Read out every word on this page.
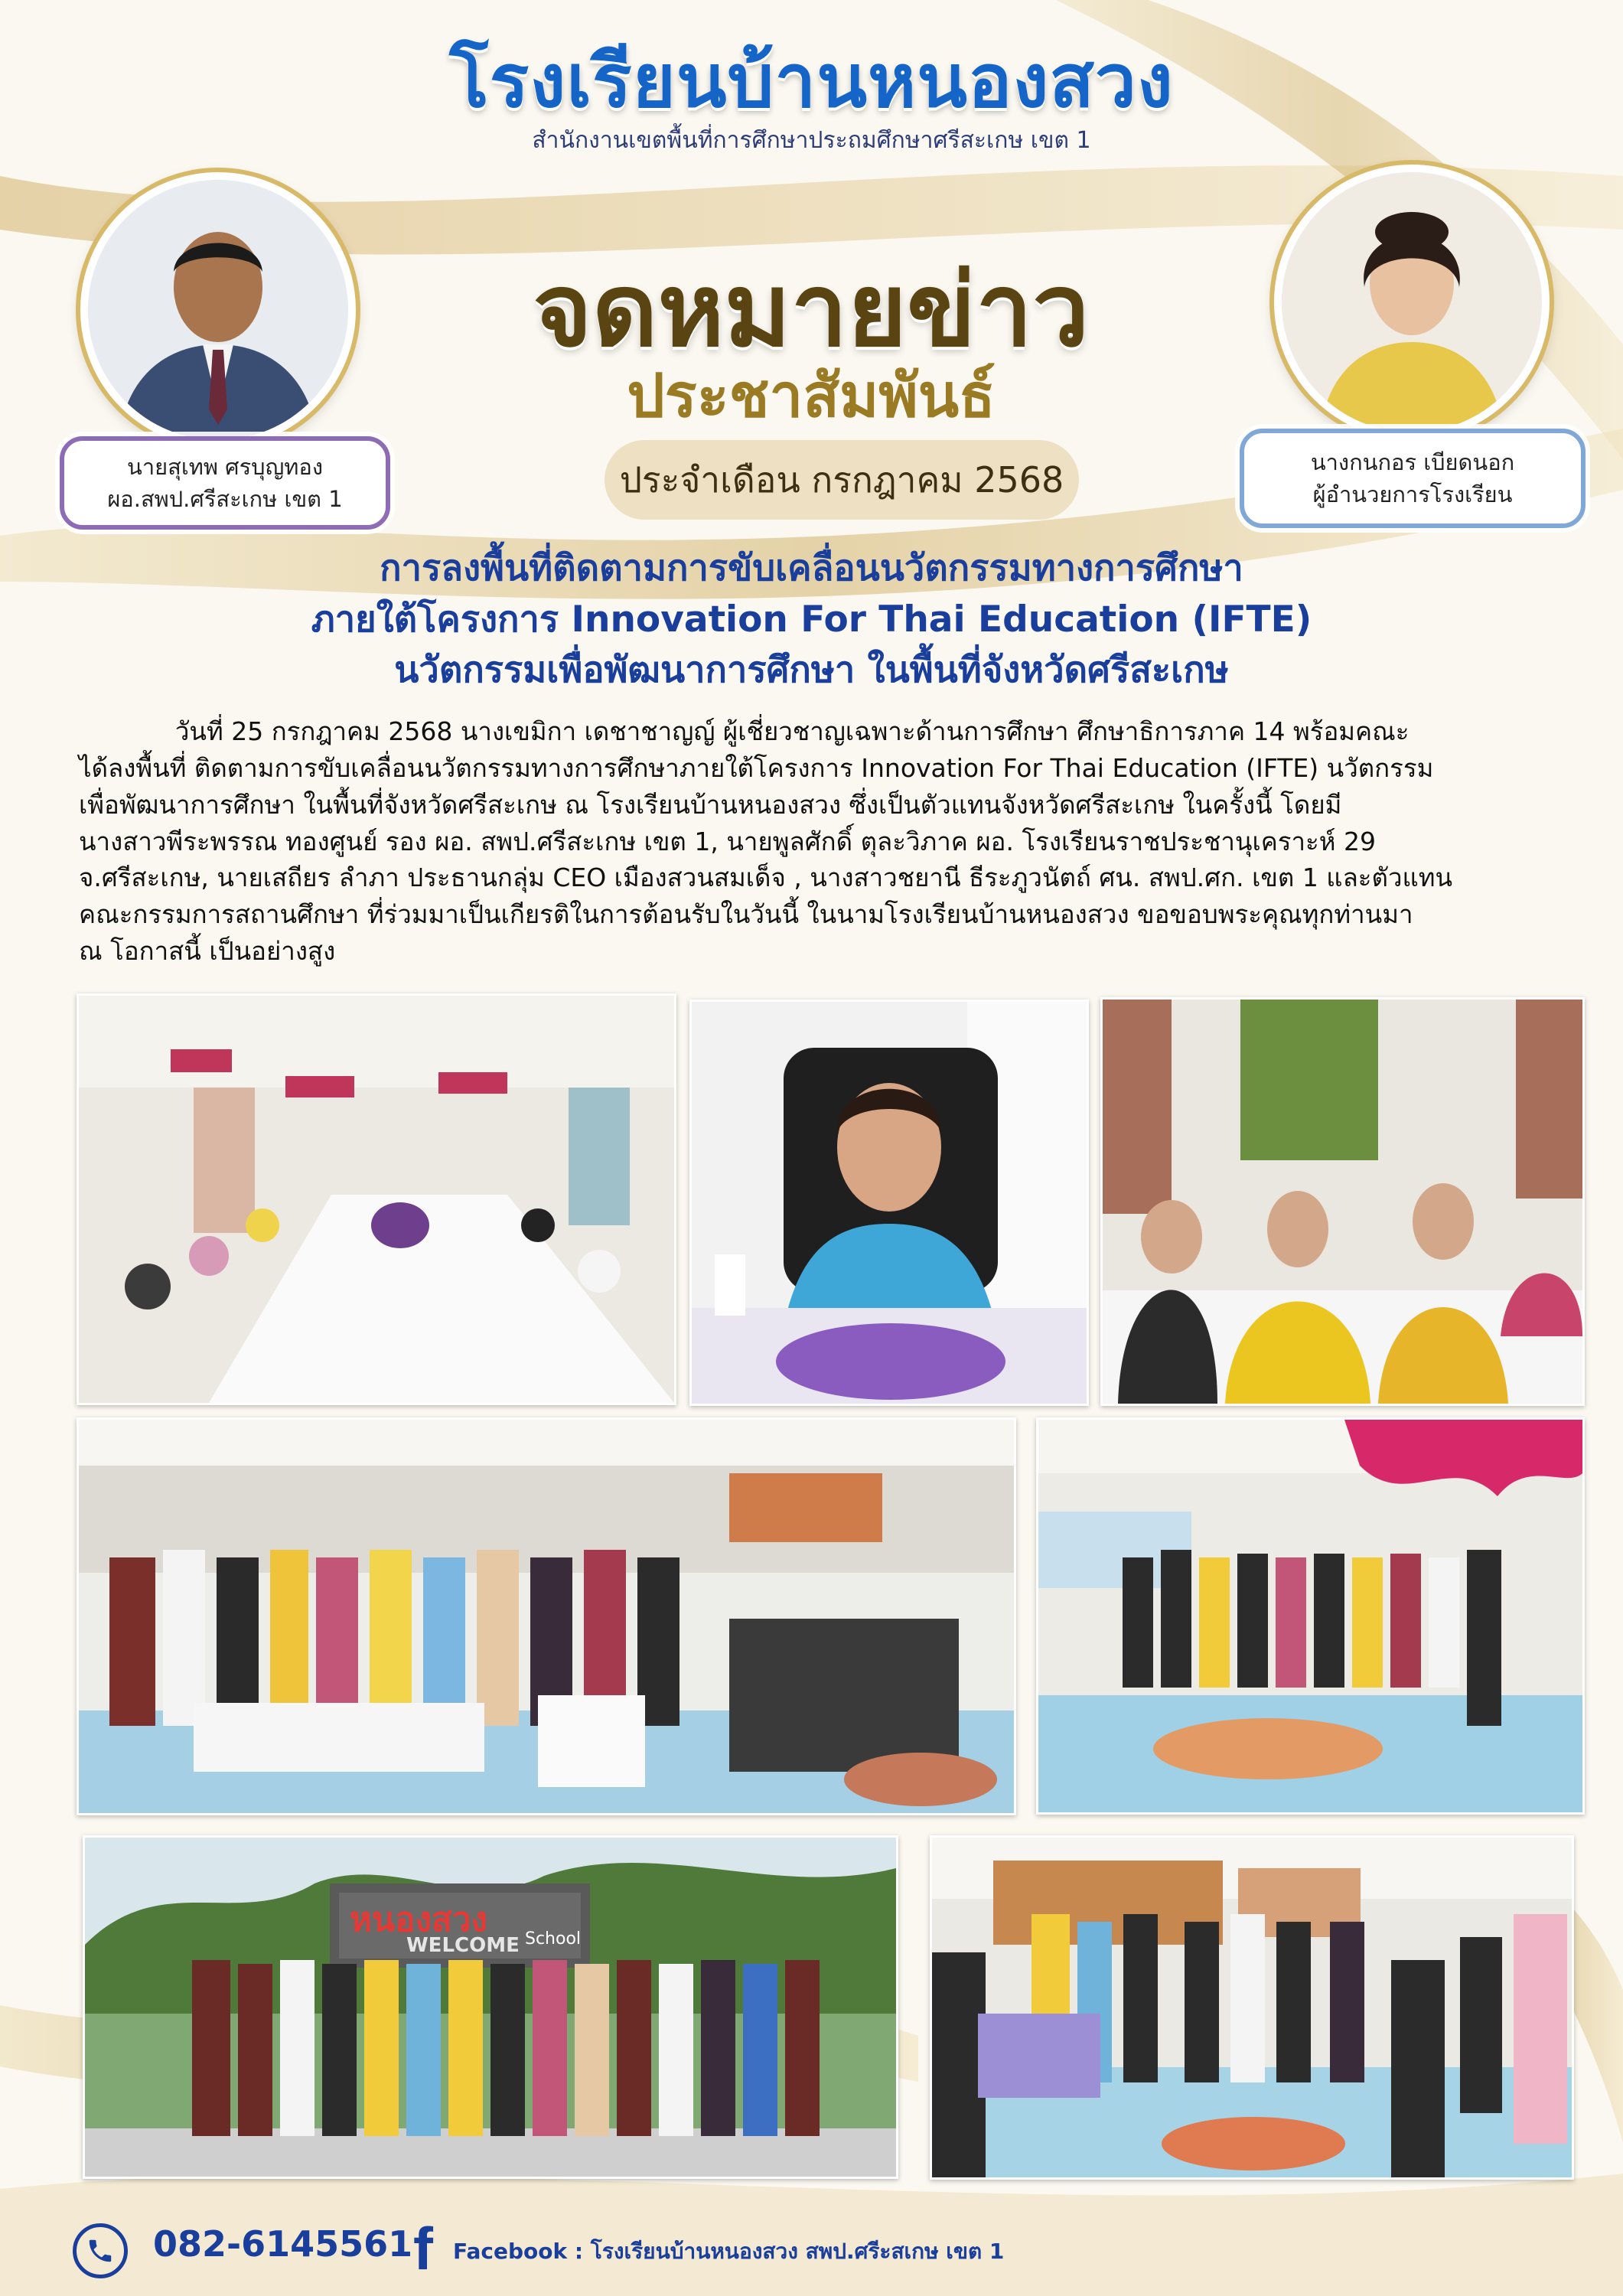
โรงเรียนบ้านหนองสวง
สำนักงานเขตพื้นที่การศึกษาประถมศึกษาศรีสะเกษ เขต 1
จดหมายข่าว
ประชาสัมพันธ์
ประจำเดือน กรกฎาคม 2568
นายสุเทพ ศรบุญทอง
ผอ.สพป.ศรีสะเกษ เขต 1
นางกนกอร เบียดนอก
ผู้อำนวยการโรงเรียน
การลงพื้นที่ติดตามการขับเคลื่อนนวัตกรรมทางการศึกษา
ภายใต้โครงการ Innovation For Thai Education (IFTE)
นวัตกรรมเพื่อพัฒนาการศึกษา ในพื้นที่จังหวัดศรีสะเกษ
วันที่ 25 กรกฎาคม 2568 นางเขมิกา เดชาชาญญ์ ผู้เชี่ยวชาญเฉพาะด้านการศึกษา ศึกษาธิการภาค 14 พร้อมคณะ
ได้ลงพื้นที่ ติดตามการขับเคลื่อนนวัตกรรมทางการศึกษาภายใต้โครงการ Innovation For Thai Education (IFTE) นวัตกรรม
เพื่อพัฒนาการศึกษา ในพื้นที่จังหวัดศรีสะเกษ ณ โรงเรียนบ้านหนองสวง ซึ่งเป็นตัวแทนจังหวัดศรีสะเกษ ในครั้งนี้ โดยมี
นางสาวพีระพรรณ ทองศูนย์ รอง ผอ. สพป.ศรีสะเกษ เขต 1, นายพูลศักดิ์ ตุละวิภาค ผอ. โรงเรียนราชประชานุเคราะห์ 29
จ.ศรีสะเกษ, นายเสถียร ลำภา ประธานกลุ่ม CEO เมืองสวนสมเด็จ , นางสาวชยานี ธีระภูวนัตถ์ ศน. สพป.ศก. เขต 1 และตัวแทน
คณะกรรมการสถานศึกษา ที่ร่วมมาเป็นเกียรติในการต้อนรับในวันนี้ ในนามโรงเรียนบ้านหนองสวง ขอขอบพระคุณทุกท่านมา
ณ โอกาสนี้ เป็นอย่างสูง
หนองสวง School
WELCOME
082-6145561 f Facebook : โรงเรียนบ้านหนองสวง สพป.ศรีะสเกษ เขต 1
